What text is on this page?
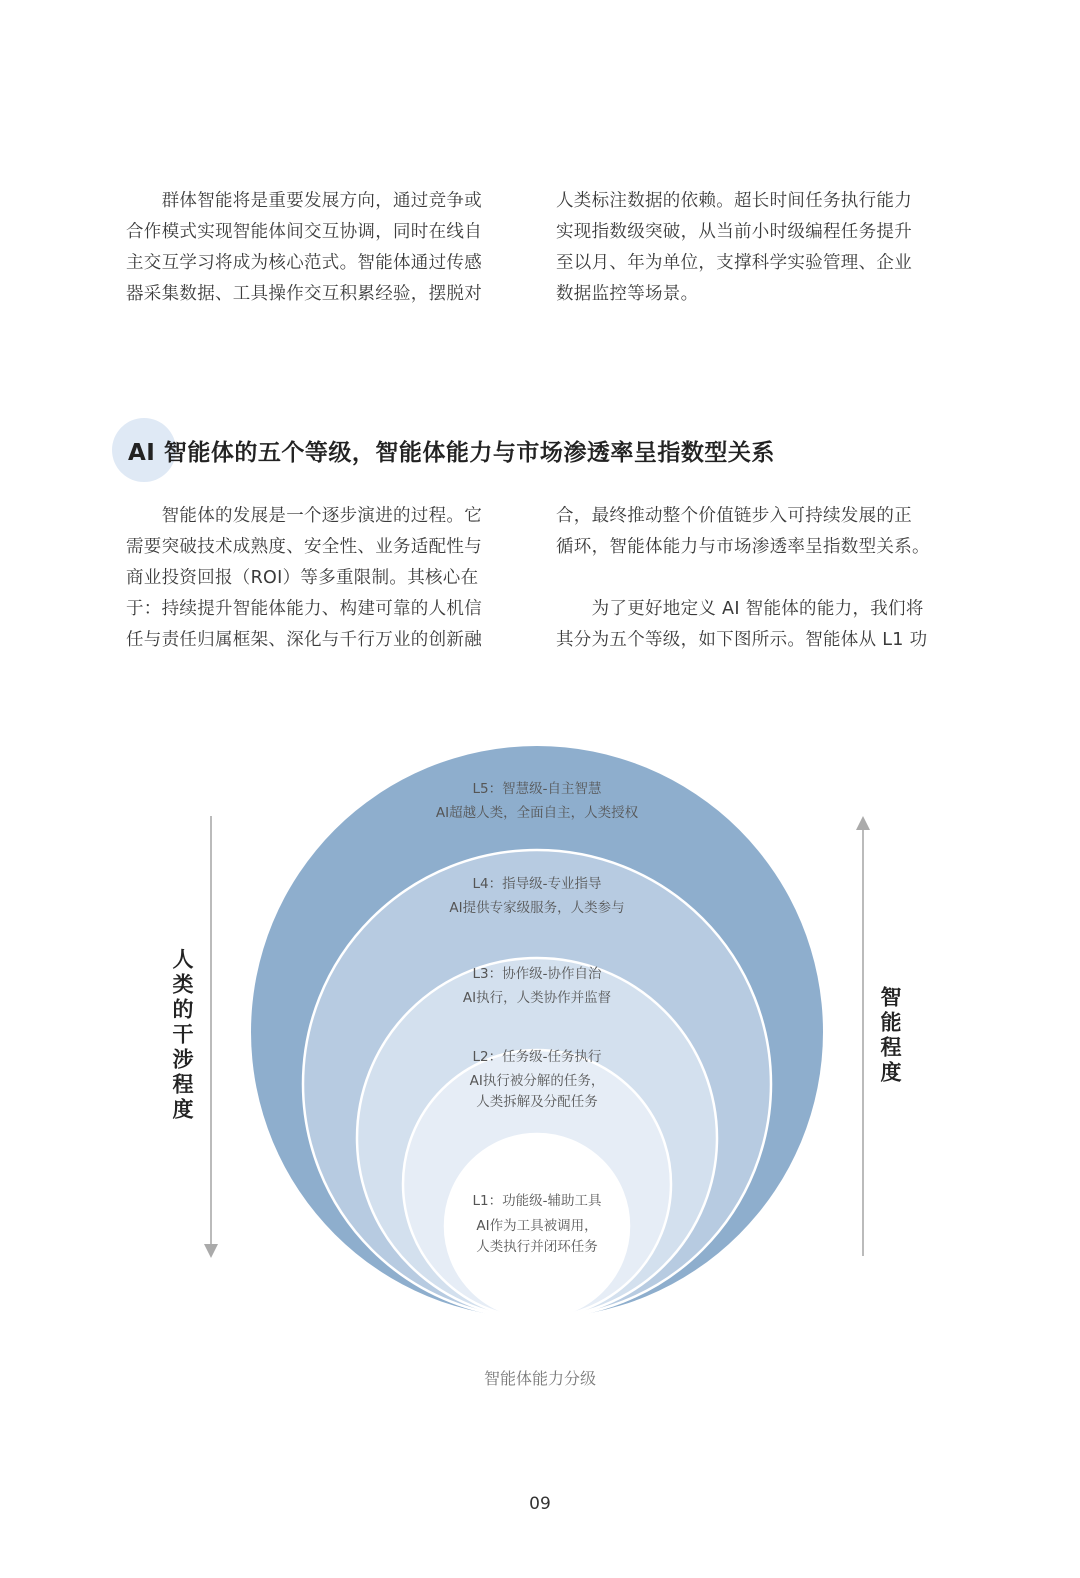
　　群体智能将是重要发展方向，通过竞争或
合作模式实现智能体间交互协调，同时在线自
主交互学习将成为核心范式。智能体通过传感
器采集数据、工具操作交互积累经验，摆脱对
人类标注数据的依赖。超长时间任务执行能力
实现指数级突破，从当前小时级编程任务提升
至以月、年为单位，支撑科学实验管理、企业
数据监控等场景。
AI 智能体的五个等级，智能体能力与市场渗透率呈指数型关系
　　智能体的发展是一个逐步演进的过程。它
需要突破技术成熟度、安全性、业务适配性与
商业投资回报（ROI）等多重限制。其核心在
于：持续提升智能体能力、构建可靠的人机信
任与责任归属框架、深化与千行万业的创新融
合，最终推动整个价值链步入可持续发展的正
循环，智能体能力与市场渗透率呈指数型关系。
　　为了更好地定义 AI 智能体的能力，我们将
其分为五个等级，如下图所示。智能体从 L1 功
L5：智慧级-自主智慧
AI超越人类，全面自主，人类授权
L4：指导级-专业指导
AI提供专家级服务，人类参与
L3：协作级-协作自治
AI执行，人类协作并监督
L2：任务级-任务执行
AI执行被分解的任务，
人类拆解及分配任务
L1：功能级-辅助工具
AI作为工具被调用，
人类执行并闭环任务
人类的干涉程度	智能程度
智能体能力分级
09
